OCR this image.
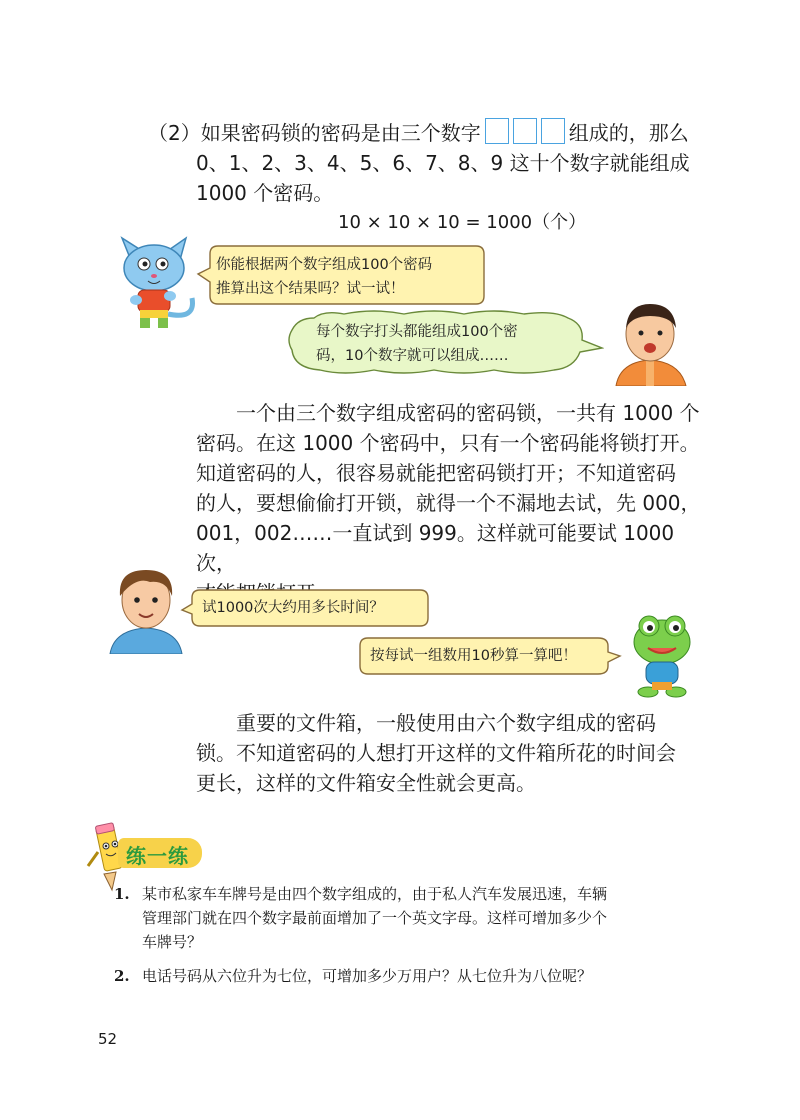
（2）如果密码锁的密码是由三个数字	组成的，那么
0、1、2、3、4、5、6、7、8、9 这十个数字就能组成
1000 个密码。
10 × 10 × 10 = 1000（个）
你能根据两个数字组成100个密码
推算出这个结果吗？试一试！
每个数字打头都能组成100个密
码，10个数字就可以组成……
一个由三个数字组成密码的密码锁，一共有 1000 个
密码。在这 1000 个密码中，只有一个密码能将锁打开。
知道密码的人，很容易就能把密码锁打开；不知道密码
的人，要想偷偷打开锁，就得一个不漏地去试，先 000，
001，002……一直试到 999。这样就可能要试 1000 次，
试1000次大约用多长时间？
按每试一组数用10秒算一算吧！
重要的文件箱，一般使用由六个数字组成的密码
锁。不知道密码的人想打开这样的文件箱所花的时间会
更长，这样的文件箱安全性就会更高。
练一练
1. 某市私家车车牌号是由四个数字组成的，由于私人汽车发展迅速，车辆
管理部门就在四个数字最前面增加了一个英文字母。这样可增加多少个
车牌号？
2. 电话号码从六位升为七位，可增加多少万用户？从七位升为八位呢？
52
